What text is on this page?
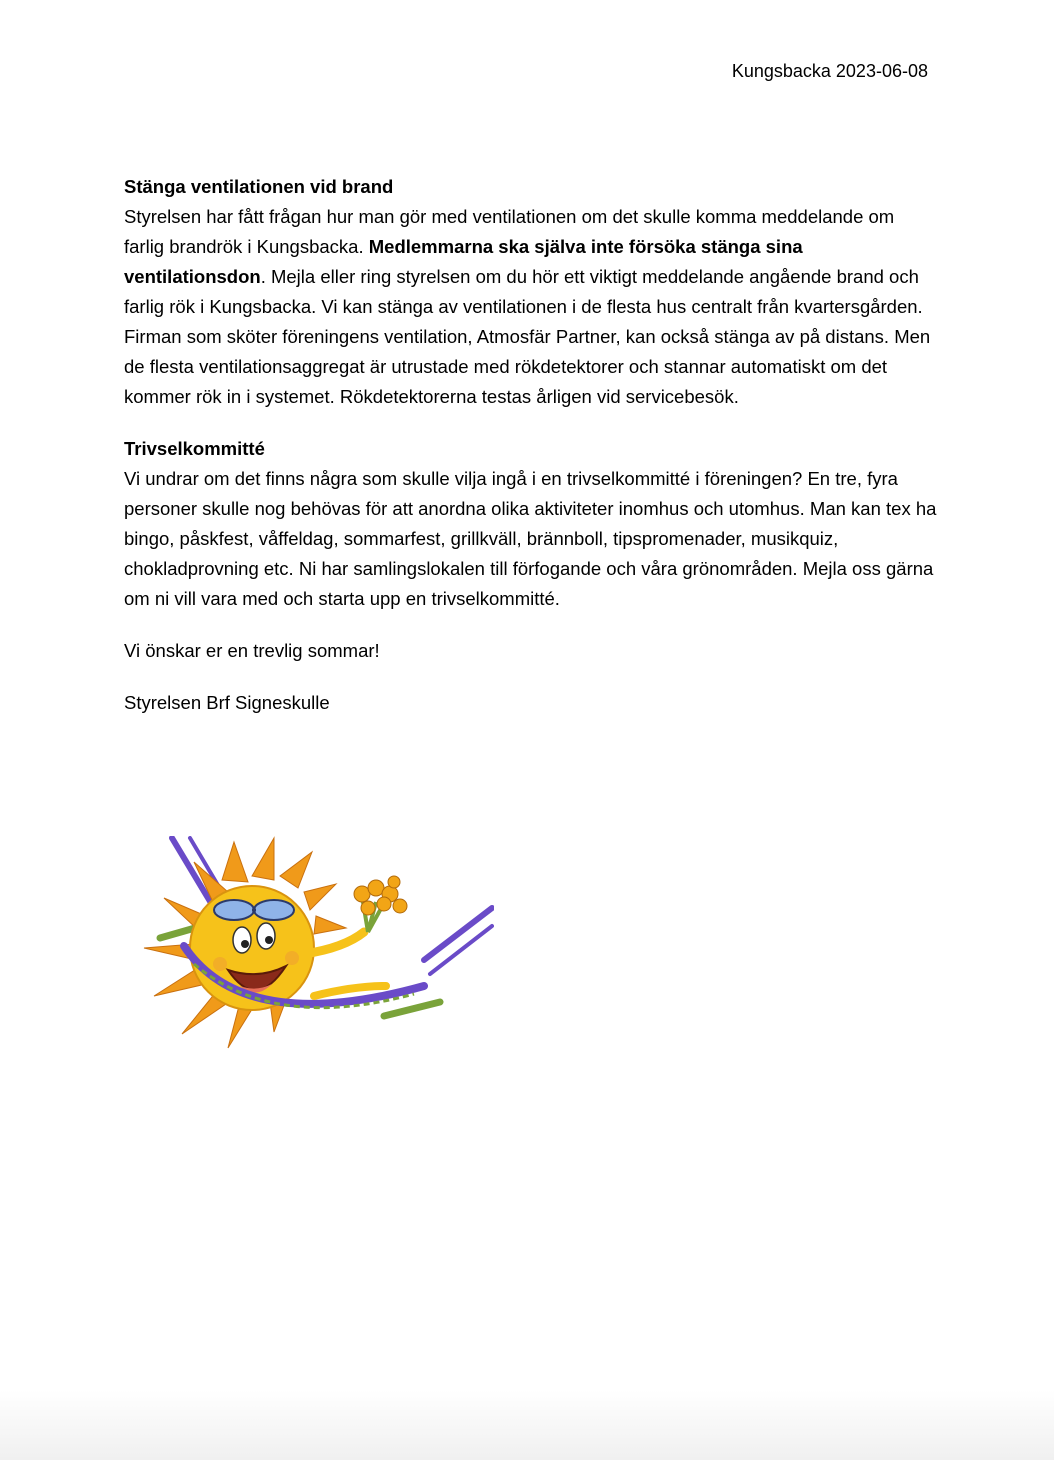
Kungsbacka 2023-06-08

Stänga ventilationen vid brand

Styrelsen har fått frågan hur man gör med ventilationen om det skulle komma meddelande om farlig brandrök i Kungsbacka. Medlemmarna ska själva inte försöka stänga sina ventilationsdon. Mejla eller ring styrelsen om du hör ett viktigt meddelande angående brand och farlig rök i Kungsbacka. Vi kan stänga av ventilationen i de flesta hus centralt från kvartersgården. Firman som sköter föreningens ventilation, Atmosfär Partner, kan också stänga av på distans. Men de flesta ventilationsaggregat är utrustade med rökdetektorer och stannar automatiskt om det kommer rök in i systemet. Rökdetektorerna testas årligen vid servicebesök.

Trivselkommitté

Vi undrar om det finns några som skulle vilja ingå i en trivselkommitté i föreningen? En tre, fyra personer skulle nog behövas för att anordna olika aktiviteter inomhus och utomhus. Man kan tex ha bingo, påskfest, våffeldag, sommarfest, grillkväll, brännboll, tipspromenader, musikquiz, chokladprovning etc. Ni har samlingslokalen till förfogande och våra grönområden. Mejla oss gärna om ni vill vara med och starta upp en trivselkommitté.

Vi önskar er en trevlig sommar!

Styrelsen Brf Signeskulle
